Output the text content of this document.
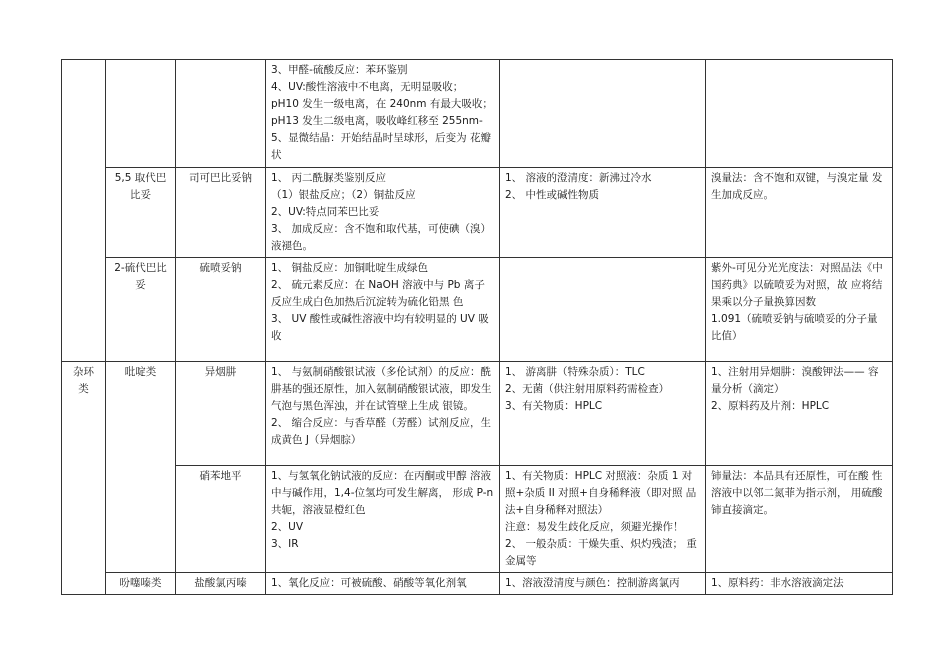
			3、甲醛-硫酸反应：苯环鉴别
4、UV:酸性溶液中不电离，无明显吸收； pH10 发生一级电离，在 240nm 有最大吸收； pH13 发生二级电离，吸收峰红移至 255nm-
5、显微结晶：开始结晶时呈球形，后变为 花瓣状		

	5,5 取代巴 比妥	司可巴比妥钠	1、 丙二酰脲类鉴别反应
（1）银盐反应；（2）铜盐反应
2、UV:特点同苯巴比妥
3、 加成反应：含不饱和取代基，可使碘（溴）液褪色。	1、 溶液的澄清度：新沸过冷水
2、 中性或碱性物质	溴量法：含不饱和双键，与溴定量 发生加成反应。

	2-硫代巴比 妥	硫喷妥钠	1、 铜盐反应：加铜吡啶生成绿色
2、 硫元素反应：在 NaOH 溶液中与 Pb 离子 反应生成白色加热后沉淀转为硫化铅黑 色
3、 UV 酸性或碱性溶液中均有较明显的 UV 吸收		紫外-可见分光光度法：对照品法《中国药典》以硫喷妥为对照，故 应将结果乘以分子量换算因数
1.091（硫喷妥钠与硫喷妥的分子量 比值）

杂环 类	吡啶类	异烟肼	1、 与氨制硝酸银试液（多伦试剂）的反应：酰肼基的强还原性，加入氨制硝酸银试液，即发生气泡与黑色浑浊，并在试管壁上生成 银镜。
2、 缩合反应：与香草醛（芳醛）试剂反应，生成黄色 J（异烟腙）	1、 游离肼（特殊杂质）：TLC
2、无菌（供注射用原料药需检查）
3、有关物质：HPLC	1、注射用异烟肼：溴酸钾法—— 容量分析（滴定）
2、原料药及片剂：HPLC

		硝苯地平	1、与氢氧化钠试液的反应：在丙酮或甲醇 溶液中与碱作用，1,4-位氢均可发生解离， 形成 P-n 共轭，溶液显橙红色
2、UV
3、IR	1、有关物质：HPLC 对照液：杂质 1 对照+杂质 II 对照+自身稀释液（即对照 品法+自身稀释对照法）
注意：易发生歧化反应，须避光操作！
2、 一般杂质：干燥失重、炽灼残渣； 重金属等	铈量法：本品具有还原性，可在酸 性溶液中以邻二氮菲为指示剂， 用硫酸铈直接滴定。

	吩噻嗪类	盐酸氯丙嗪	1、氧化反应：可被硫酸、硝酸等氧化剂氧	1、溶液澄清度与颜色：控制游离氯丙	1、原料药：非水溶液滴定法
